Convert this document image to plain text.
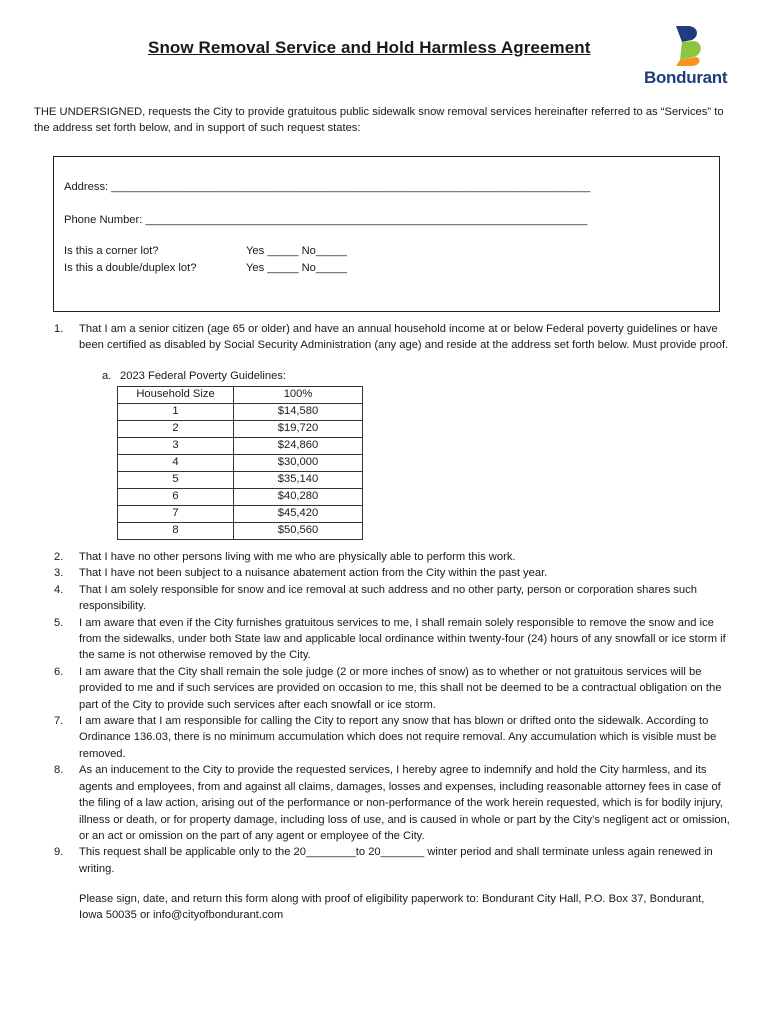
Snow Removal Service and Hold Harmless Agreement
Bondurant
THE UNDERSIGNED, requests the City to provide gratuitous public sidewalk snow removal services hereinafter referred to as “Services” to the address set forth below, and in support of such request states:
Address: _____________________________________________________________________________
Phone Number: _______________________________________________________________________
Is this a corner lot?	Yes _____ No_____
Is this a double/duplex lot?	Yes _____ No_____
1. That I am a senior citizen (age 65 or older) and have an annual household income at or below Federal poverty guidelines or have been certified as disabled by Social Security Administration (any age) and reside at the address set forth below. Must provide proof.
a. 2023 Federal Poverty Guidelines:
Household Size	100%
1	$14,580
2	$19,720
3	$24,860
4	$30,000
5	$35,140
6	$40,280
7	$45,420
8	$50,560
2. That I have no other persons living with me who are physically able to perform this work.
3. That I have not been subject to a nuisance abatement action from the City within the past year.
4. That I am solely responsible for snow and ice removal at such address and no other party, person or corporation shares such responsibility.
5. I am aware that even if the City furnishes gratuitous services to me, I shall remain solely responsible to remove the snow and ice from the sidewalks, under both State law and applicable local ordinance within twenty-four (24) hours of any snowfall or ice storm if the same is not otherwise removed by the City.
6. I am aware that the City shall remain the sole judge (2 or more inches of snow) as to whether or not gratuitous services will be provided to me and if such services are provided on occasion to me, this shall not be deemed to be a contractual obligation on the part of the City to provide such services after each snowfall or ice storm.
7. I am aware that I am responsible for calling the City to report any snow that has blown or drifted onto the sidewalk. According to Ordinance 136.03, there is no minimum accumulation which does not require removal. Any accumulation which is visible must be removed.
8. As an inducement to the City to provide the requested services, I hereby agree to indemnify and hold the City harmless, and its agents and employees, from and against all claims, damages, losses and expenses, including reasonable attorney fees in case of the filing of a law action, arising out of the performance or non-performance of the work herein requested, which is for bodily injury, illness or death, or for property damage, including loss of use, and is caused in whole or part by the City’s negligent act or omission, or an act or omission on the part of any agent or employee of the City.
9. This request shall be applicable only to the 20________to 20_______ winter period and shall terminate unless again renewed in writing.
Please sign, date, and return this form along with proof of eligibility paperwork to: Bondurant City Hall, P.O. Box 37, Bondurant, Iowa 50035 or info@cityofbondurant.com
